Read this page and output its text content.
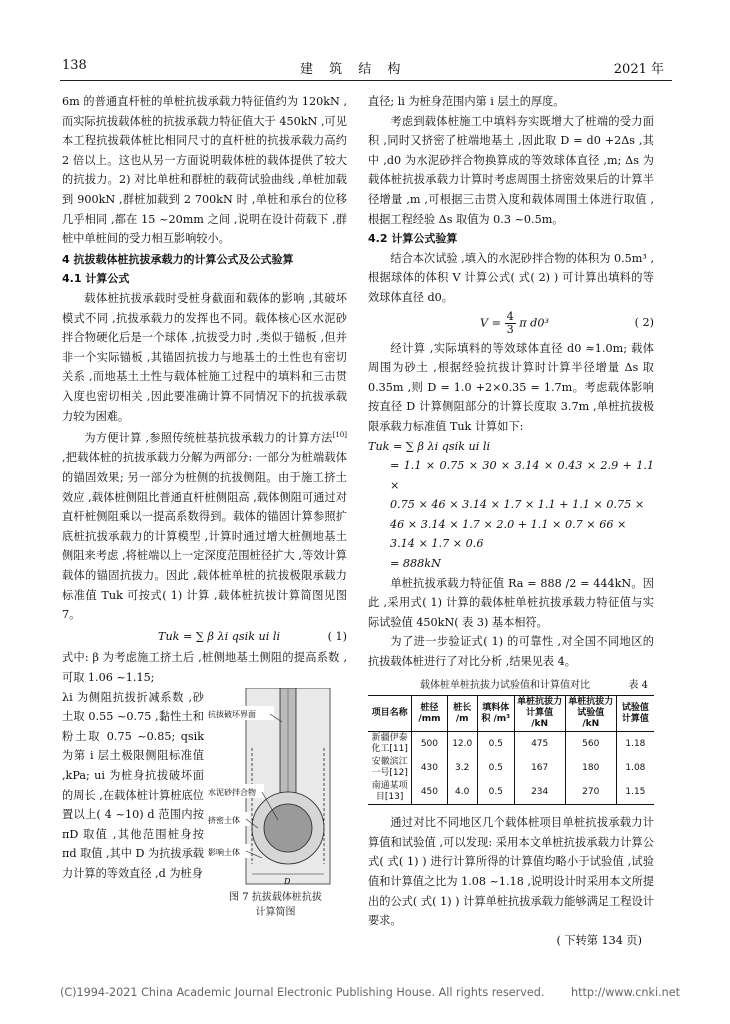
138	建 筑 结 构	2021 年

6m 的普通直杆桩的单桩抗拔承载力特征值约为 120kN ,而实际抗拔载体桩的抗拔承载力特征值大于 450kN ,可见本工程抗拔载体桩比相同尺寸的直杆桩的抗拔承载力高约 2 倍以上。这也从另一方面说明载体桩的载体提供了较大的抗拔力。2) 对比单桩和群桩的载荷试验曲线 ,单桩加载到 900kN ,群桩加载到 2 700kN 时 ,单桩和承台的位移几乎相同 ,都在 15 ~20mm 之间 ,说明在设计荷载下 ,群桩中单桩间的受力相互影响较小。

4 抗拔载体桩抗拔承载力的计算公式及公式验算

4.1 计算公式

载体桩抗拔承载时受桩身截面和载体的影响 ,其破坏模式不同 ,抗拔承载力的发挥也不同。载体核心区水泥砂拌合物硬化后是一个球体 ,抗拔受力时 ,类似于锚板 ,但并非一个实际锚板 ,其锚固抗拔力与地基土的土性也有密切关系 ,而地基土土性与载体桩施工过程中的填料和三击贯入度也密切相关 ,因此要准确计算不同情况下的抗拔承载力较为困难。

为方便计算 ,参照传统桩基抗拔承载力的计算方法[10] ,把载体桩的抗拔承载力分解为两部分: 一部分为桩端载体的锚固效果; 另一部分为桩侧的抗拔侧阻。由于施工挤土效应 ,载体桩侧阻比普通直杆桩侧阻高 ,载体侧阻可通过对直杆桩侧阻乘以一提高系数得到。载体的锚固计算参照扩底桩抗拔承载力的计算模型 ,计算时通过增大桩侧地基土侧阻来考虑 ,将桩端以上一定深度范围桩径扩大 ,等效计算载体的锚固抗拔力。因此 ,载体桩单桩的抗拔极限承载力标准值 Tuk 可按式( 1) 计算 ,载体桩抗拔计算简图见图 7。

Tuk = ∑ β λi qsik ui li	( 1)

式中: β 为考虑施工挤土后 ,桩侧地基土侧阻的提高系数 ,可取 1.06 ~1.15;

λi 为侧阻抗拔折减系数 ,砂土取 0.55 ~0.75 ,黏性土和粉土取 0.75 ~0.85; qsik 为第 i 层土极限侧阻标准值 ,kPa; ui 为桩身抗拔破坏面的周长 ,在载体桩计算桩底位置以上( 4 ~10) d 范围内按 πD 取值 ,其他范围桩身按 πd 取值 ,其中 D 为抗拔承载力计算的等效直径 ,d 为桩身

抗拔破坏界面
水泥砂拌合物
挤密土体
影响土体
D
图 7 抗拔载体桩抗拔
计算简图

直径; li 为桩身范围内第 i 层土的厚度。

考虑到载体桩施工中填料夯实既增大了桩端的受力面积 ,同时又挤密了桩端地基土 ,因此取 D = d0 +2Δs ,其中 ,d0 为水泥砂拌合物换算成的等效球体直径 ,m; Δs 为载体桩抗拔承载力计算时考虑周围土挤密效果后的计算半径增量 ,m ,可根据三击贯入度和载体周围土体进行取值 ,根据工程经验 Δs 取值为 0.3 ~0.5m。

4.2 计算公式验算

结合本次试验 ,填入的水泥砂拌合物的体积为 0.5m³ ,根据球体的体积 V 计算公式( 式( 2) ) 可计算出填料的等效球体直径 d0。

$V = \frac{4}{3}$ π d0³	( 2)

经计算 ,实际填料的等效球体直径 d0 ≈1.0m; 载体周围为砂土 ,根据经验抗拔计算时计算半径增量 Δs 取 0.35m ,则 D = 1.0 +2×0.35 = 1.7m。考虑载体影响按直径 D 计算侧阻部分的计算长度取 3.7m ,单桩抗拔极限承载力标准值 Tuk 计算如下:

Tuk = ∑ β λi qsik ui li
= 1.1 × 0.75 × 30 × 3.14 × 0.43 × 2.9 + 1.1 ×
0.75 × 46 × 3.14 × 1.7 × 1.1 + 1.1 × 0.75 ×
46 × 3.14 × 1.7 × 2.0 + 1.1 × 0.7 × 66 ×
3.14 × 1.7 × 0.6
= 888kN

单桩抗拔承载力特征值 Ra = 888 /2 = 444kN。因此 ,采用式( 1) 计算的载体桩单桩抗拔承载力特征值与实际试验值 450kN( 表 3) 基本相符。

为了进一步验证式( 1) 的可靠性 ,对全国不同地区的抗拔载体桩进行了对比分析 ,结果见表 4。

载体桩单桩抗拔力试验值和计算值对比	表 4
项目名称	桩径 /mm	桩长 /m	填料体积 /m³	单桩抗拔力计算值 /kN	单桩抗拔力试验值 /kN	试验值计算值
新疆伊泰化工[11]	500	12.0	0.5	475	560	1.18
安徽滨江一号[12]	430	3.2	0.5	167	180	1.08
南通某项目[13]	450	4.0	0.5	234	270	1.15

通过对比不同地区几个载体桩项目单桩抗拔承载力计算值和试验值 ,可以发现: 采用本文单桩抗拔承载力计算公式( 式( 1) ) 进行计算所得的计算值均略小于试验值 ,试验值和计算值之比为 1.08 ~1.18 ,说明设计时采用本文所提出的公式( 式( 1) ) 计算单桩抗拔承载力能够满足工程设计要求。

( 下转第 134 页)

(C)1994-2021 China Academic Journal Electronic Publishing House. All rights reserved. http://www.cnki.net
